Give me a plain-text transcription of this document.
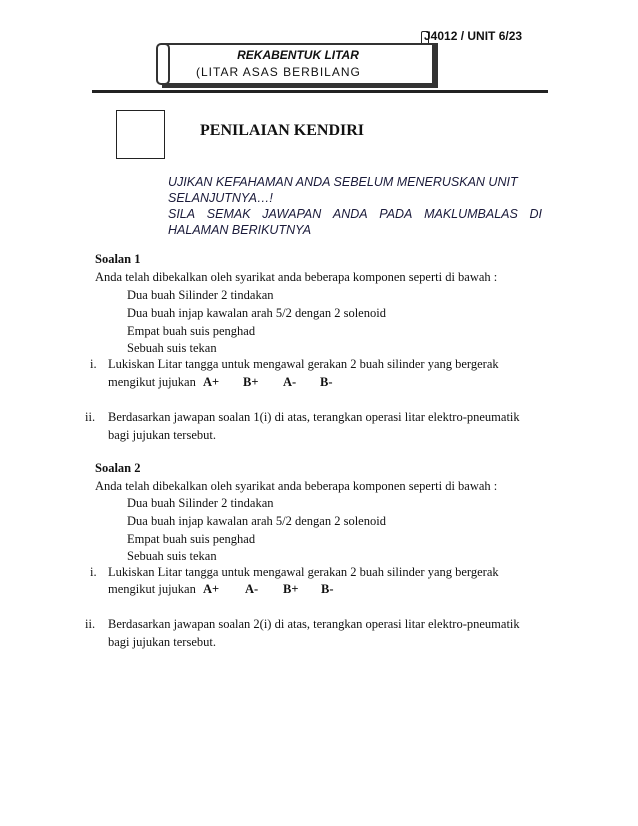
J4012 / UNIT 6/23
REKABENTUK LITAR
(LITAR ASAS BERBILANG
PENILAIAN KENDIRI
UJIKAN KEFAHAMAN ANDA SEBELUM MENERUSKAN UNIT
SELANJUTNYA…!
SILA SEMAK JAWAPAN ANDA PADA MAKLUMBALAS DI
HALAMAN BERIKUTNYA
Soalan 1
Anda telah dibekalkan oleh syarikat anda beberapa komponen seperti di bawah :
Dua buah Silinder 2 tindakan
Dua buah injap kawalan arah 5/2 dengan 2 solenoid
Empat buah suis penghad
Sebuah suis tekan
i. Lukiskan Litar tangga untuk mengawal gerakan 2 buah silinder yang bergerak
mengikut jujukan A+ B+ A- B-
ii. Berdasarkan jawapan soalan 1(i) di atas, terangkan operasi litar elektro-pneumatik
bagi jujukan tersebut.
Soalan 2
Anda telah dibekalkan oleh syarikat anda beberapa komponen seperti di bawah :
Dua buah Silinder 2 tindakan
Dua buah injap kawalan arah 5/2 dengan 2 solenoid
Empat buah suis penghad
Sebuah suis tekan
i. Lukiskan Litar tangga untuk mengawal gerakan 2 buah silinder yang bergerak
mengikut jujukan A+ A- B+ B-
ii. Berdasarkan jawapan soalan 2(i) di atas, terangkan operasi litar elektro-pneumatik
bagi jujukan tersebut.
